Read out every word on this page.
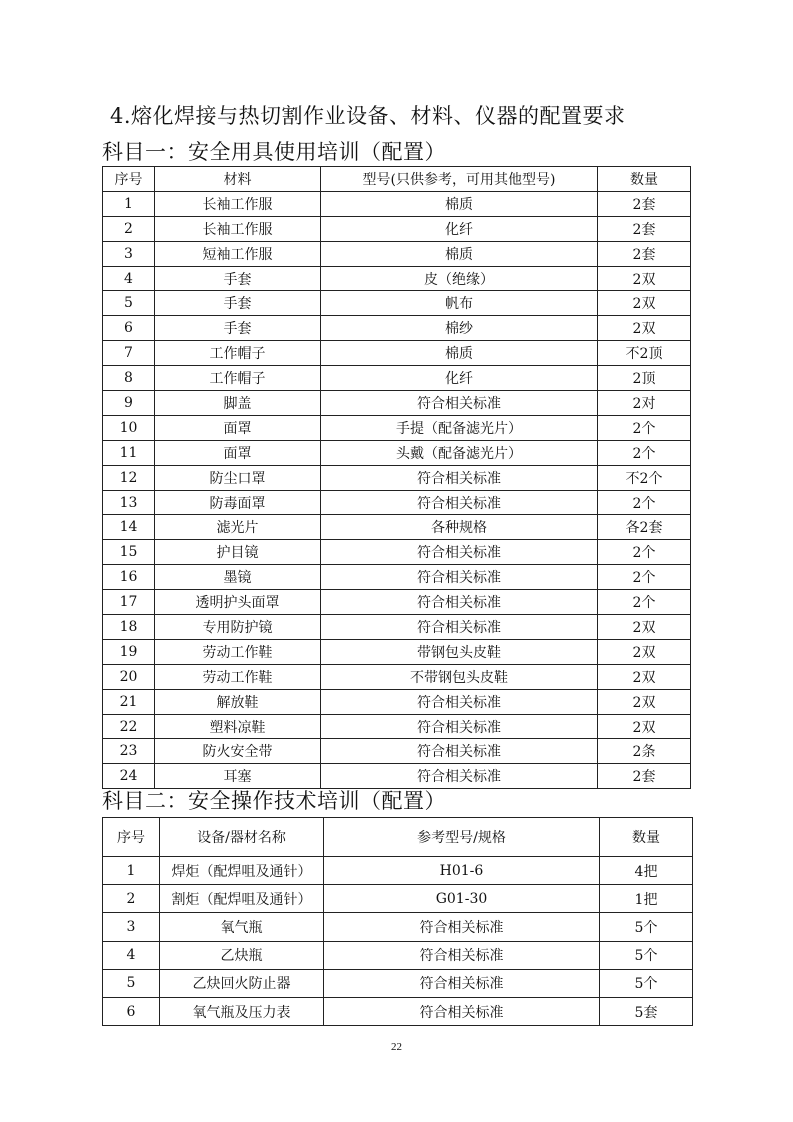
4.熔化焊接与热切割作业设备、材料、仪器的配置要求
科目一：安全用具使用培训（配置）
序号	材料	型号(只供参考，可用其他型号)	数量
1	长袖工作服	棉质	2套
2	长袖工作服	化纤	2套
3	短袖工作服	棉质	2套
4	手套	皮（绝缘）	2双
5	手套	帆布	2双
6	手套	棉纱	2双
7	工作帽子	棉质	不2顶
8	工作帽子	化纤	2顶
9	脚盖	符合相关标准	2对
10	面罩	手提（配备滤光片）	2个
11	面罩	头戴（配备滤光片）	2个
12	防尘口罩	符合相关标准	不2个
13	防毒面罩	符合相关标准	2个
14	滤光片	各种规格	各2套
15	护目镜	符合相关标准	2个
16	墨镜	符合相关标准	2个
17	透明护头面罩	符合相关标准	2个
18	专用防护镜	符合相关标准	2双
19	劳动工作鞋	带钢包头皮鞋	2双
20	劳动工作鞋	不带钢包头皮鞋	2双
21	解放鞋	符合相关标准	2双
22	塑料凉鞋	符合相关标准	2双
23	防火安全带	符合相关标准	2条
24	耳塞	符合相关标准	2套
科目二：安全操作技术培训（配置）
序号	设备/器材名称	参考型号/规格	数量
1	焊炬（配焊咀及通针）	H01-6	4把
2	割炬（配焊咀及通针）	G01-30	1把
3	氧气瓶	符合相关标准	5个
4	乙炔瓶	符合相关标准	5个
5	乙炔回火防止器	符合相关标准	5个
6	氧气瓶及压力表	符合相关标准	5套
22
